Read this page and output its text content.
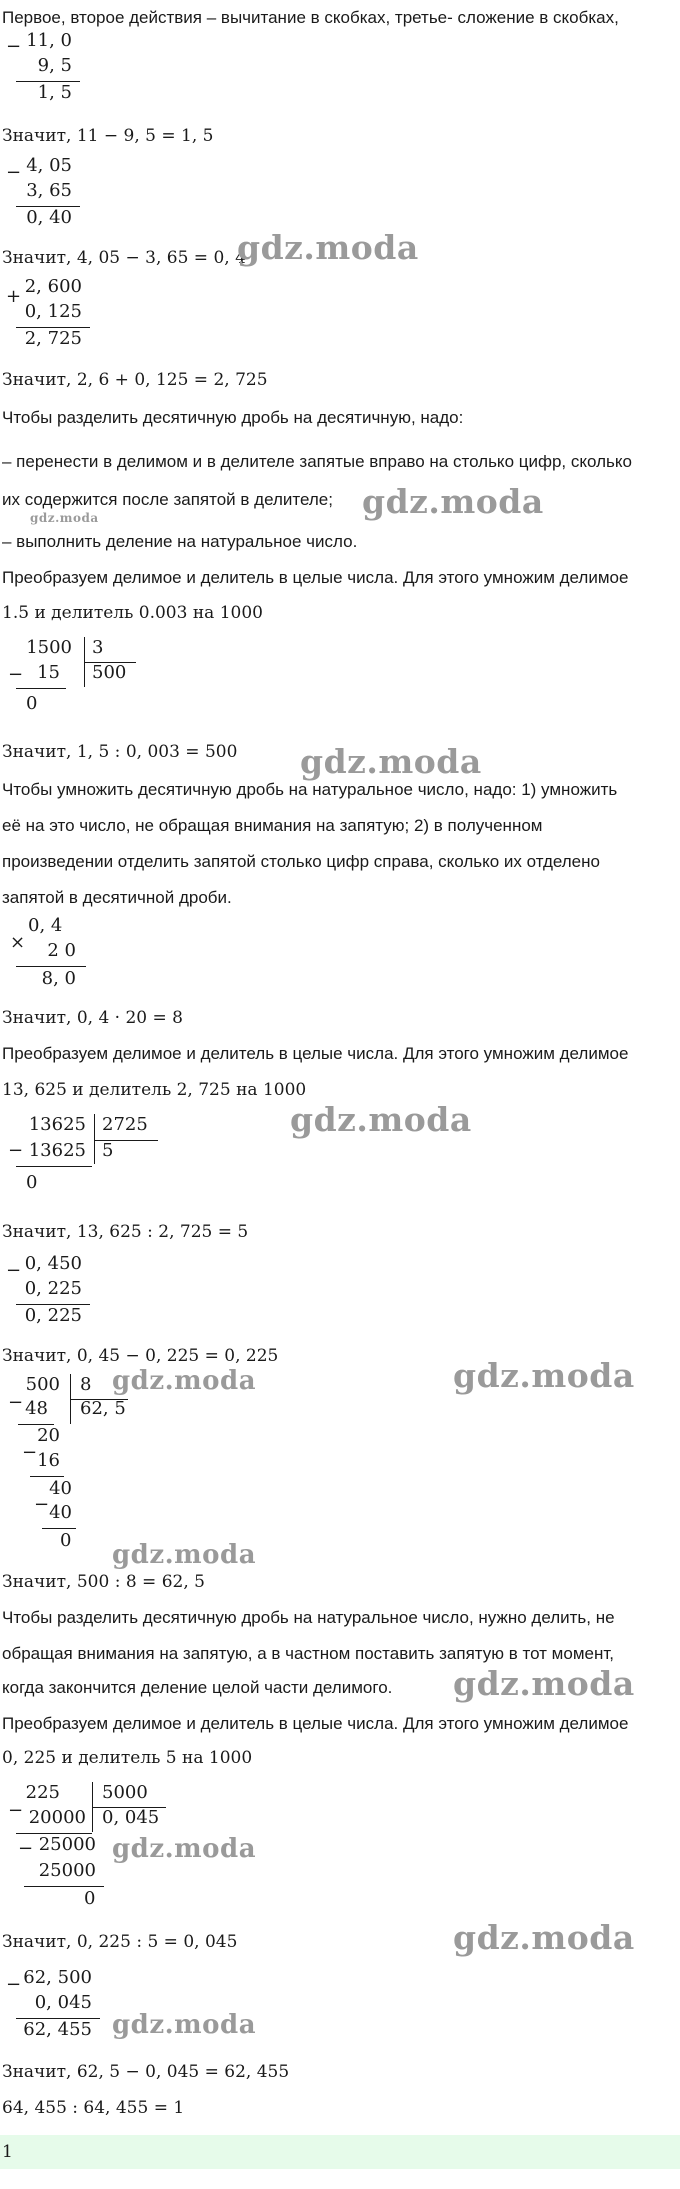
Первое, второе действия – вычитание в скобках, третье- сложение в скобках,
− 11, 0
9, 5
1, 5
Значит, 11 − 9, 5 = 1, 5
− 4, 05
3, 65
0, 40
Значит, 4, 05 − 3, 65 = 0, 4
gdz.moda
+ 2, 600
0, 125
2, 725
Значит, 2, 6 + 0, 125 = 2, 725
Чтобы разделить десятичную дробь на десятичную, надо:
– перенести в делимом и в делителе запятые вправо на столько цифр, сколько
их содержится после запятой в делителе; gdz.moda
gdz.moda
– выполнить деление на натуральное число.
Преобразуем делимое и делитель в целые числа. Для этого умножим делимое
1.5 и делитель 0.003 на 1000
1500 3
− 15 500
0
Значит, 1, 5 : 0, 003 = 500 gdz.moda
Чтобы умножить десятичную дробь на натуральное число, надо: 1) умножить
её на это число, не обращая внимания на запятую; 2) в полученном
произведении отделить запятой столько цифр справа, сколько их отделено
запятой в десятичной дроби.
×
0, 4
2 0
8, 0
Значит, 0, 4 · 20 = 8
Преобразуем делимое и делитель в целые числа. Для этого умножим делимое
13, 625 и делитель 2, 725 на 1000
gdz.moda
13625 2725
− 13625 5
0
Значит, 13, 625 : 2, 725 = 5
− 0, 450
0, 225
0, 225
Значит, 0, 45 − 0, 225 = 0, 225	gdz.moda
500 8 gdz.moda
− 48 62, 5
20
− 16
40
− 40
0 gdz.moda
Значит, 500 : 8 = 62, 5
Чтобы разделить десятичную дробь на натуральное число, нужно делить, не
обращая внимания на запятую, а в частном поставить запятую в тот момент,
когда закончится деление целой части делимого. gdz.moda
Преобразуем делимое и делитель в целые числа. Для этого умножим делимое
0, 225 и делитель 5 на 1000
225 5000
− 20000 0, 045
− 25000
25000
0
gdz.moda
Значит, 0, 225 : 5 = 0, 045	gdz.moda
− 62, 500
0, 045
62, 455 gdz.moda
Значит, 62, 5 − 0, 045 = 62, 455
64, 455 : 64, 455 = 1
1
